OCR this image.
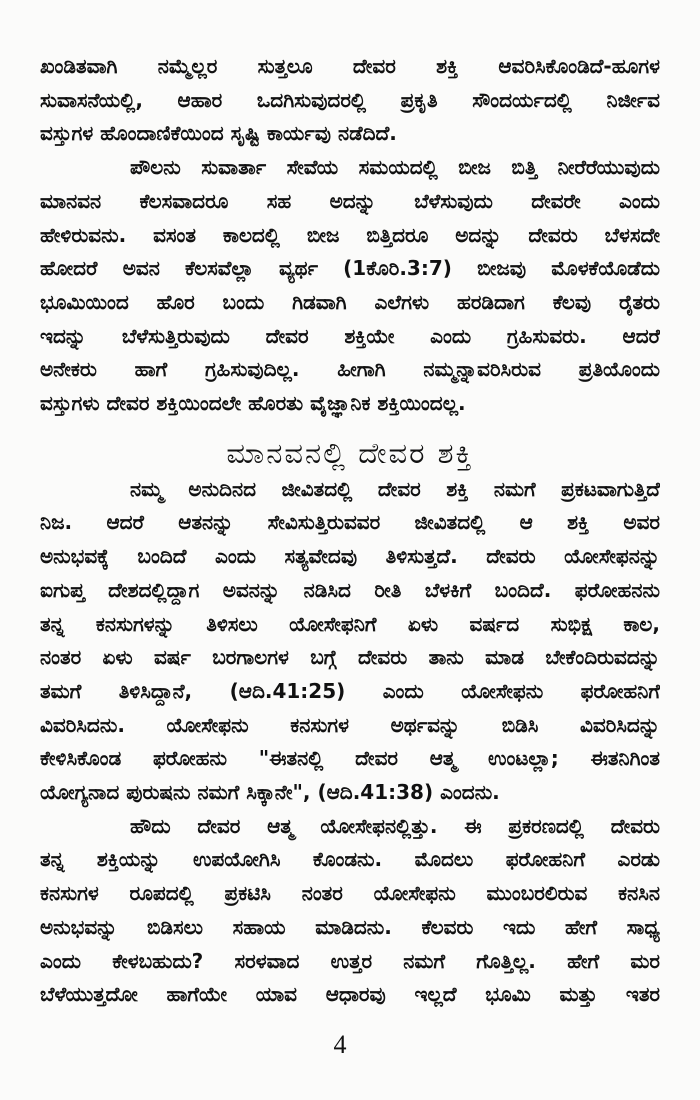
ಖಂಡಿತವಾಗಿ ನಮ್ಮೆಲ್ಲರ ಸುತ್ತಲೂ ದೇವರ ಶಕ್ತಿ ಆವರಿಸಿಕೊಂಡಿದೆ-ಹೂಗಳ
ಸುವಾಸನೆಯಲ್ಲಿ, ಆಹಾರ ಒದಗಿಸುವುದರಲ್ಲಿ ಪ್ರಕೃತಿ ಸೌಂದರ್ಯದಲ್ಲಿ ನಿರ್ಜೀವ
ವಸ್ತುಗಳ ಹೊಂದಾಣಿಕೆಯಿಂದ ಸೃಷ್ಟಿ ಕಾರ್ಯವು ನಡೆದಿದೆ.

ಪೌಲನು ಸುವಾರ್ತಾ ಸೇವೆಯ ಸಮಯದಲ್ಲಿ ಬೀಜ ಬಿತ್ತಿ ನೀರೆರೆಯುವುದು
ಮಾನವನ ಕೆಲಸವಾದರೂ ಸಹ ಅದನ್ನು ಬೆಳೆಸುವುದು ದೇವರೇ ಎಂದು
ಹೇಳಿರುವನು. ವಸಂತ ಕಾಲದಲ್ಲಿ ಬೀಜ ಬಿತ್ತಿದರೂ ಅದನ್ನು ದೇವರು ಬೆಳಸದೇ
ಹೋದರೆ ಅವನ ಕೆಲಸವೆಲ್ಲಾ ವ್ಯರ್ಥ (1ಕೊರಿ.3:7) ಬೀಜವು ಮೊಳಕೆಯೊಡೆದು
ಭೂಮಿಯಿಂದ ಹೊರ ಬಂದು ಗಿಡವಾಗಿ ಎಲೆಗಳು ಹರಡಿದಾಗ ಕೆಲವು ರೈತರು
ಇದನ್ನು ಬೆಳೆಸುತ್ತಿರುವುದು ದೇವರ ಶಕ್ತಿಯೇ ಎಂದು ಗ್ರಹಿಸುವರು. ಆದರೆ
ಅನೇಕರು ಹಾಗೆ ಗ್ರಹಿಸುವುದಿಲ್ಲ. ಹೀಗಾಗಿ ನಮ್ಮನ್ನಾವರಿಸಿರುವ ಪ್ರತಿಯೊಂದು
ವಸ್ತುಗಳು ದೇವರ ಶಕ್ತಿಯಿಂದಲೇ ಹೊರತು ವೈಜ್ಞಾನಿಕ ಶಕ್ತಿಯಿಂದಲ್ಲ.

ಮಾನವನಲ್ಲಿ ದೇವರ ಶಕ್ತಿ

ನಮ್ಮ ಅನುದಿನದ ಜೀವಿತದಲ್ಲಿ ದೇವರ ಶಕ್ತಿ ನಮಗೆ ಪ್ರಕಟವಾಗುತ್ತಿದೆ
ನಿಜ. ಆದರೆ ಆತನನ್ನು ಸೇವಿಸುತ್ತಿರುವವರ ಜೀವಿತದಲ್ಲಿ ಆ ಶಕ್ತಿ ಅವರ
ಅನುಭವಕ್ಕೆ ಬಂದಿದೆ ಎಂದು ಸತ್ಯವೇದವು ತಿಳಿಸುತ್ತದೆ. ದೇವರು ಯೋಸೇಫನನ್ನು
ಐಗುಪ್ತ ದೇಶದಲ್ಲಿದ್ದಾಗ ಅವನನ್ನು ನಡಿಸಿದ ರೀತಿ ಬೆಳಕಿಗೆ ಬಂದಿದೆ. ಫರೋಹನನು
ತನ್ನ ಕನಸುಗಳನ್ನು ತಿಳಿಸಲು ಯೋಸೇಫನಿಗೆ ಏಳು ವರ್ಷದ ಸುಭಿಕ್ಷ ಕಾಲ,
ನಂತರ ಏಳು ವರ್ಷ ಬರಗಾಲಗಳ ಬಗ್ಗೆ ದೇವರು ತಾನು ಮಾಡ ಬೇಕೆಂದಿರುವದನ್ನು
ತಮಗೆ ತಿಳಿಸಿದ್ದಾನೆ, (ಆದಿ.41:25) ಎಂದು ಯೋಸೇಫನು ಫರೋಹನಿಗೆ
ವಿವರಿಸಿದನು. ಯೋಸೇಫನು ಕನಸುಗಳ ಅರ್ಥವನ್ನು ಬಿಡಿಸಿ ವಿವರಿಸಿದನ್ನು
ಕೇಳಿಸಿಕೊಂಡ ಫರೋಹನು "ಈತನಲ್ಲಿ ದೇವರ ಆತ್ಮ ಉಂಟಲ್ಲಾ; ಈತನಿಗಿಂತ
ಯೋಗ್ಯನಾದ ಪುರುಷನು ನಮಗೆ ಸಿಕ್ಕಾನೇ", (ಆದಿ.41:38) ಎಂದನು.

ಹೌದು ದೇವರ ಆತ್ಮ ಯೋಸೇಫನಲ್ಲಿತ್ತು. ಈ ಪ್ರಕರಣದಲ್ಲಿ ದೇವರು
ತನ್ನ ಶಕ್ತಿಯನ್ನು ಉಪಯೋಗಿಸಿ ಕೊಂಡನು. ಮೊದಲು ಫರೋಹನಿಗೆ ಎರಡು
ಕನಸುಗಳ ರೂಪದಲ್ಲಿ ಪ್ರಕಟಿಸಿ ನಂತರ ಯೋಸೇಫನು ಮುಂಬರಲಿರುವ ಕನಸಿನ
ಅನುಭವನ್ನು ಬಿಡಿಸಲು ಸಹಾಯ ಮಾಡಿದನು. ಕೆಲವರು ಇದು ಹೇಗೆ ಸಾಧ್ಯ
ಎಂದು ಕೇಳಬಹುದು? ಸರಳವಾದ ಉತ್ತರ ನಮಗೆ ಗೊತ್ತಿಲ್ಲ. ಹೇಗೆ ಮರ
ಬೆಳೆಯುತ್ತದೋ ಹಾಗೆಯೇ ಯಾವ ಆಧಾರವು ಇಲ್ಲದೆ ಭೂಮಿ ಮತ್ತು ಇತರ

4
